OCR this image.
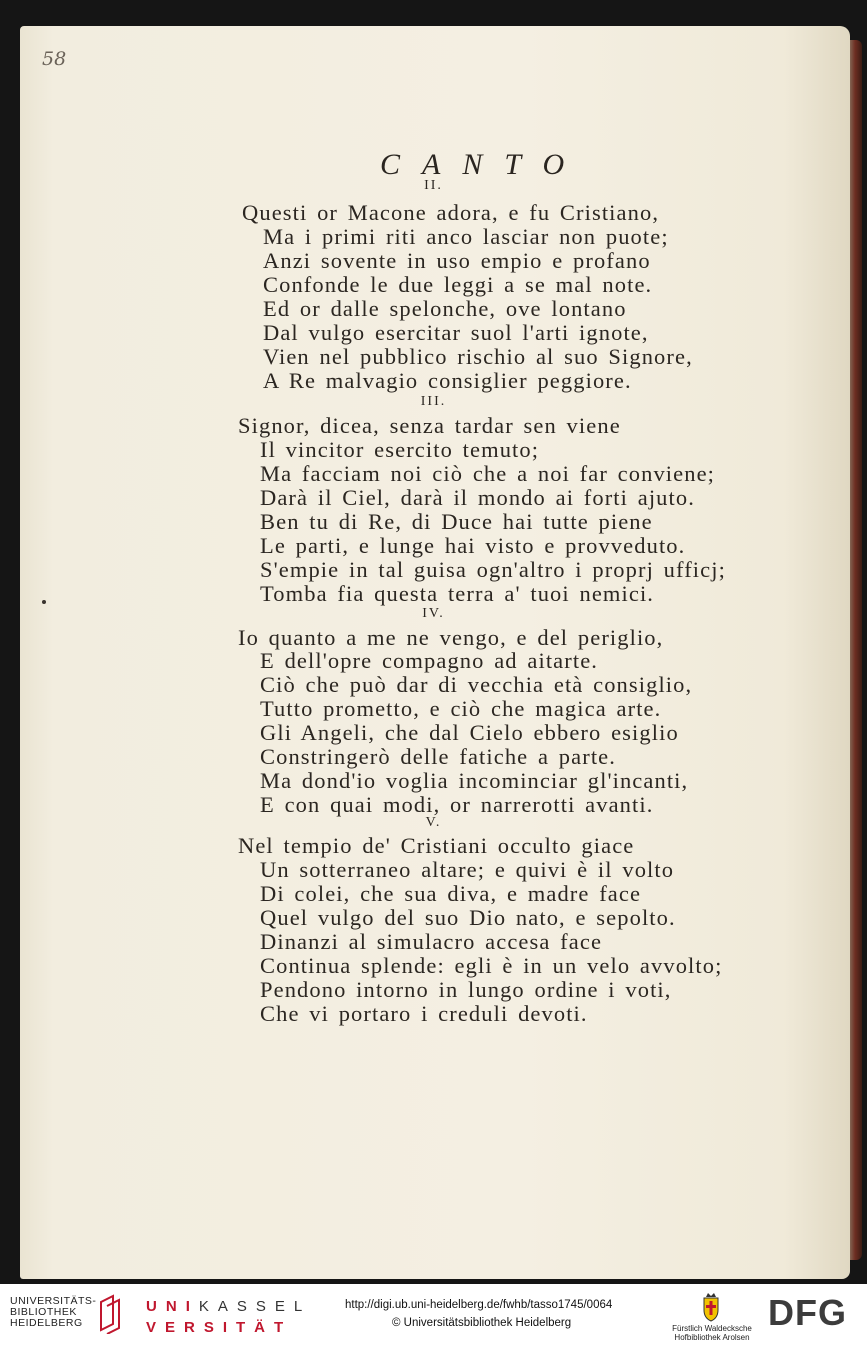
58
CANTO
II.
Questi or Macone adora, e fu Cristiano,
Ma i primi riti anco lasciar non puote;
Anzi sovente in uso empio e profano
Confonde le due leggi a se mal note.
Ed or dalle spelonche, ove lontano
Dal vulgo esercitar suol l'arti ignote,
Vien nel pubblico rischio al suo Signore,
A Re malvagio consiglier peggiore.
III.
Signor, dicea, senza tardar sen viene
Il vincitor esercito temuto;
Ma facciam noi ciò che a noi far conviene;
Darà il Ciel, darà il mondo ai forti ajuto.
Ben tu di Re, di Duce hai tutte piene
Le parti, e lunge hai visto e provveduto.
S'empie in tal guisa ogn'altro i proprj ufficj;
Tomba fia questa terra a' tuoi nemici.
IV.
Io quanto a me ne vengo, e del periglio,
E dell'opre compagno ad aitarte.
Ciò che può dar di vecchia età consiglio,
Tutto prometto, e ciò che magica arte.
Gli Angeli, che dal Cielo ebbero esiglio
Constringerò delle fatiche a parte.
Ma dond'io voglia incominciar gl'incanti,
E con quai modi, or narrerotti avanti.
V.
Nel tempio de' Cristiani occulto giace
Un sotterraneo altare; e quivi è il volto
Di colei, che sua diva, e madre face
Quel vulgo del suo Dio nato, e sepolto.
Dinanzi al simulacro accesa face
Continua splende: egli è in un velo avvolto;
Pendono intorno in lungo ordine i voti,
Che vi portaro i creduli devoti.
UNIVERSITÄTS-
BIBLIOTHEK
HEIDELBERG
UNIKASSEL
VERSITÄT
http://digi.ub.uni-heidelberg.de/fwhb/tasso1745/0064
© Universitätsbibliothek Heidelberg	Fürstlich Waldecksche
Hofbibliothek Arolsen
DFG
